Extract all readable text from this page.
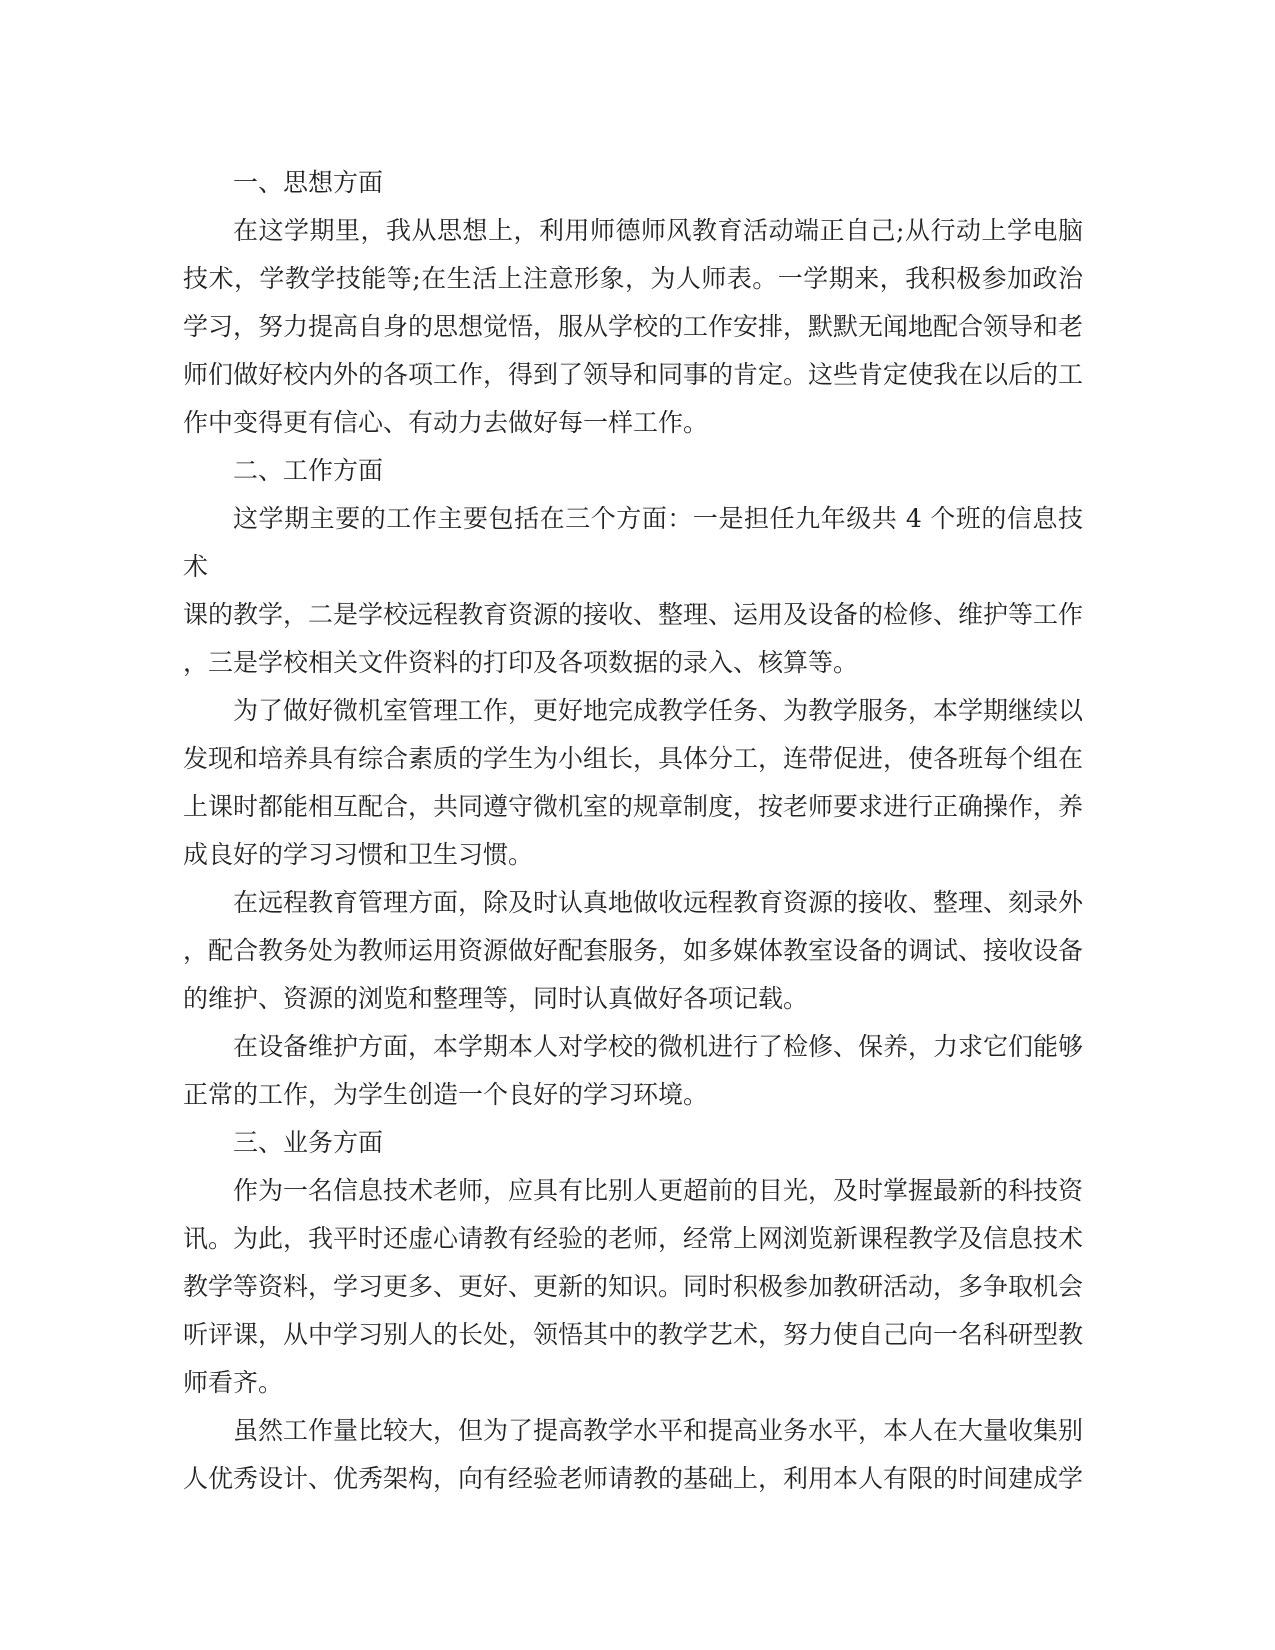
一、思想方面
在这学期里，我从思想上，利用师德师风教育活动端正自己;从行动上学电脑
技术，学教学技能等;在生活上注意形象，为人师表。一学期来，我积极参加政治
学习，努力提高自身的思想觉悟，服从学校的工作安排，默默无闻地配合领导和老
师们做好校内外的各项工作，得到了领导和同事的肯定。这些肯定使我在以后的工
作中变得更有信心、有动力去做好每一样工作。
二、工作方面
这学期主要的工作主要包括在三个方面：一是担任九年级共 4 个班的信息技术
课的教学，二是学校远程教育资源的接收、整理、运用及设备的检修、维护等工作
，三是学校相关文件资料的打印及各项数据的录入、核算等。
为了做好微机室管理工作，更好地完成教学任务、为教学服务，本学期继续以
发现和培养具有综合素质的学生为小组长，具体分工，连带促进，使各班每个组在
上课时都能相互配合，共同遵守微机室的规章制度，按老师要求进行正确操作，养
成良好的学习习惯和卫生习惯。
在远程教育管理方面，除及时认真地做收远程教育资源的接收、整理、刻录外
，配合教务处为教师运用资源做好配套服务，如多媒体教室设备的调试、接收设备
的维护、资源的浏览和整理等，同时认真做好各项记载。
在设备维护方面，本学期本人对学校的微机进行了检修、保养，力求它们能够
正常的工作，为学生创造一个良好的学习环境。
三、业务方面
作为一名信息技术老师，应具有比别人更超前的目光，及时掌握最新的科技资
讯。为此，我平时还虚心请教有经验的老师，经常上网浏览新课程教学及信息技术
教学等资料，学习更多、更好、更新的知识。同时积极参加教研活动，多争取机会
听评课，从中学习别人的长处，领悟其中的教学艺术，努力使自己向一名科研型教
师看齐。
虽然工作量比较大，但为了提高教学水平和提高业务水平，本人在大量收集别
人优秀设计、优秀架构，向有经验老师请教的基础上，利用本人有限的时间建成学
